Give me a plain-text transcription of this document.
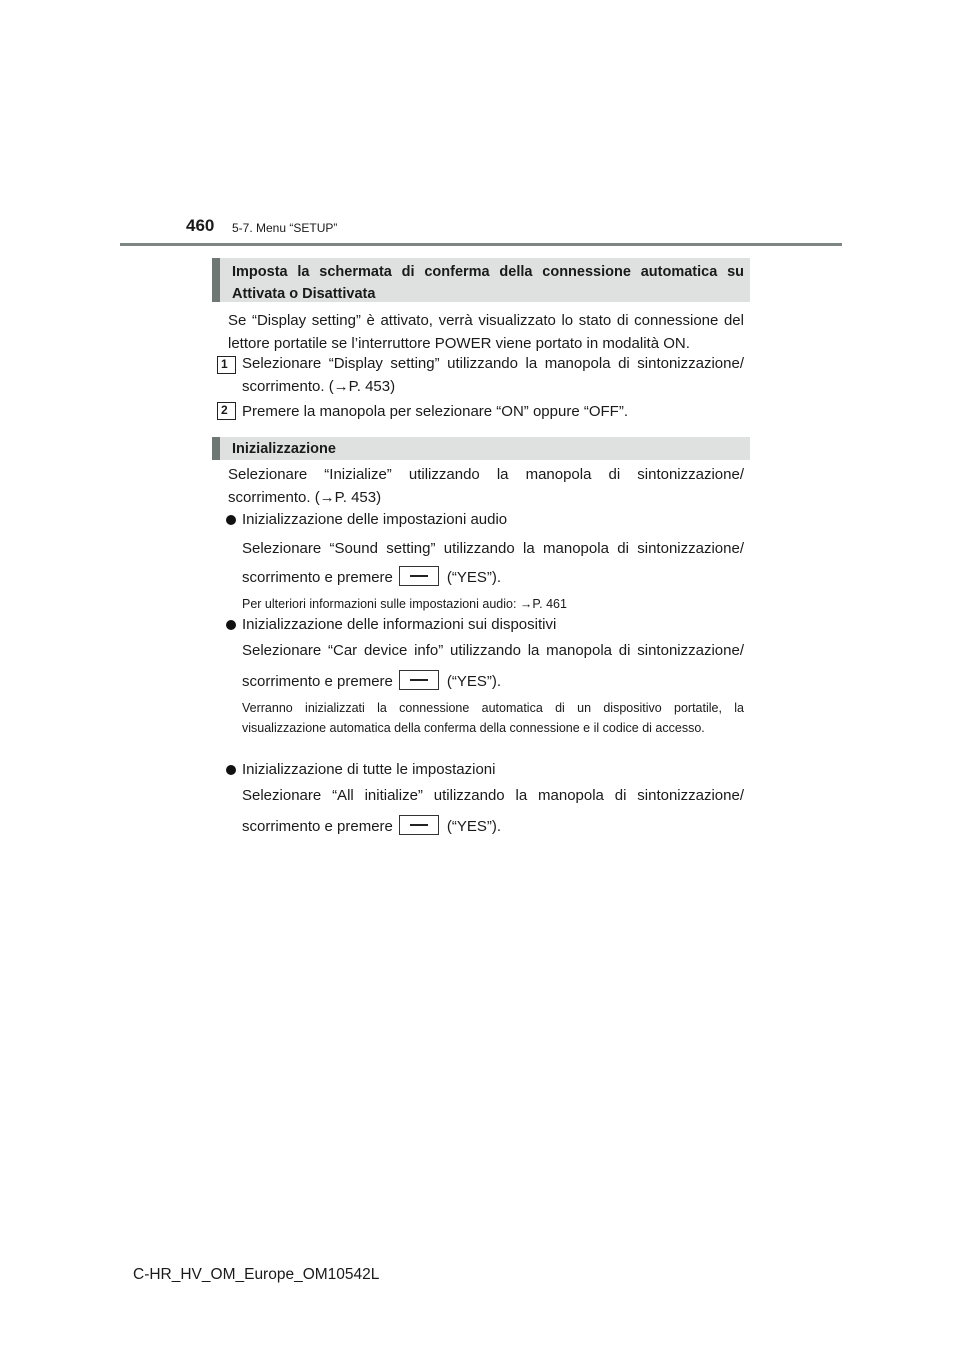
460 5-7. Menu “SETUP”
Imposta la schermata di conferma della connessione automatica su Attivata o Disattivata
Se “Display setting” è attivato, verrà visualizzato lo stato di connessione del lettore portatile se l’interruttore POWER viene portato in modalità ON.
1 Selezionare “Display setting” utilizzando la manopola di sintonizzazione/ scorrimento. (→P. 453)
2 Premere la manopola per selezionare “ON” oppure “OFF”.
Inizializzazione
Selezionare “Inizialize” utilizzando la manopola di sintonizzazione/
scorrimento. (→P. 453)
Inizializzazione delle impostazioni audio
Selezionare “Sound setting” utilizzando la manopola di sintonizzazione/
scorrimento e premere	(“YES”).
Per ulteriori informazioni sulle impostazioni audio: →P. 461
Inizializzazione delle informazioni sui dispositivi
Selezionare “Car device info” utilizzando la manopola di sintonizzazione/
scorrimento e premere	(“YES”).
Verranno inizializzati la connessione automatica di un dispositivo portatile, la visualizzazione automatica della conferma della connessione e il codice di accesso.
Inizializzazione di tutte le impostazioni
Selezionare “All initialize” utilizzando la manopola di sintonizzazione/
scorrimento e premere	(“YES”).
C-HR_HV_OM_Europe_OM10542L
